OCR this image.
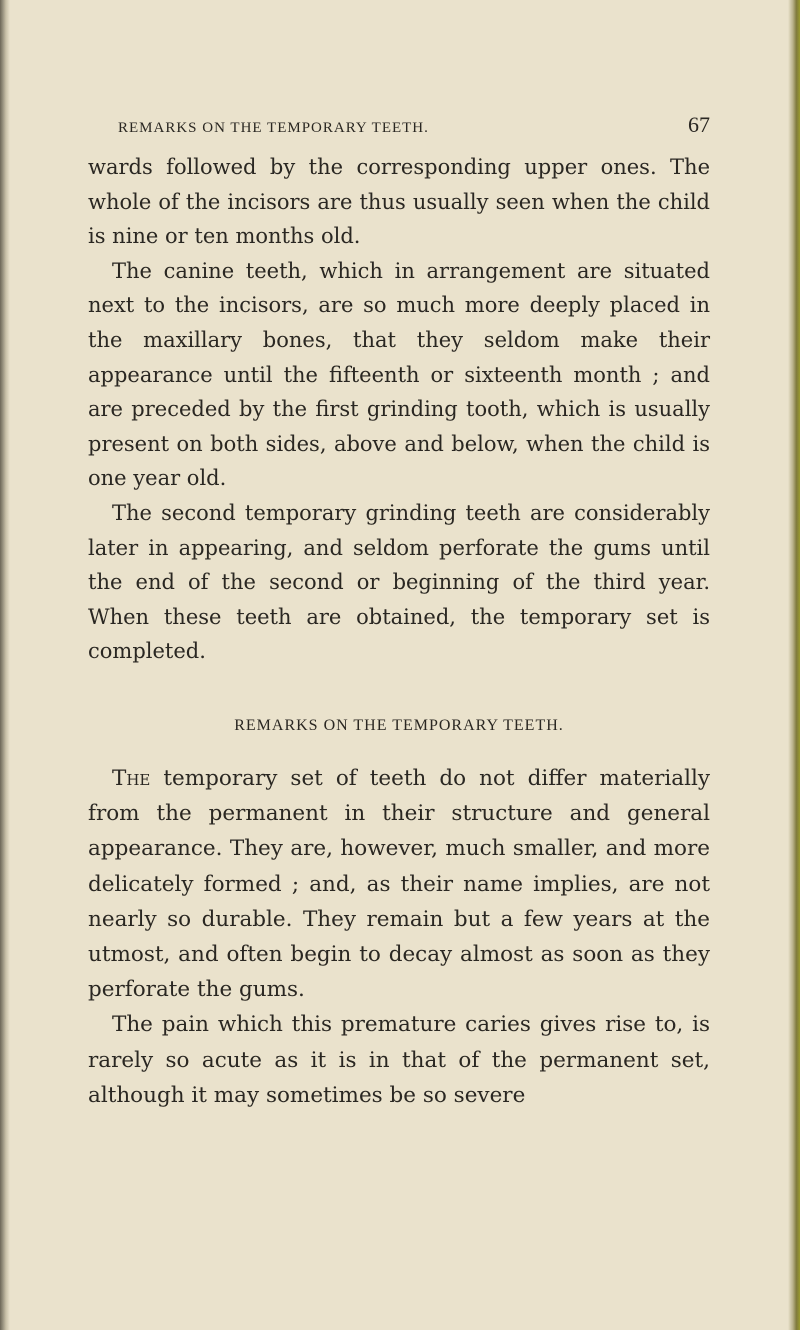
REMARKS ON THE TEMPORARY TEETH.	67

wards followed by the corresponding upper ones. The whole of the incisors are thus usually seen when the child is nine or ten months old.

The canine teeth, which in arrangement are situated next to the incisors, are so much more deeply placed in the maxillary bones, that they seldom make their appearance until the fifteenth or sixteenth month ; and are preceded by the first grinding tooth, which is usually present on both sides, above and below, when the child is one year old.

The second temporary grinding teeth are considerably later in appearing, and seldom perforate the gums until the end of the second or beginning of the third year. When these teeth are obtained, the temporary set is completed.

REMARKS ON THE TEMPORARY TEETH.

The temporary set of teeth do not differ materially from the permanent in their structure and general appearance. They are, however, much smaller, and more delicately formed ; and, as their name implies, are not nearly so durable. They remain but a few years at the utmost, and often begin to decay almost as soon as they perforate the gums.

The pain which this premature caries gives rise to, is rarely so acute as it is in that of the permanent set, although it may sometimes be so severe
